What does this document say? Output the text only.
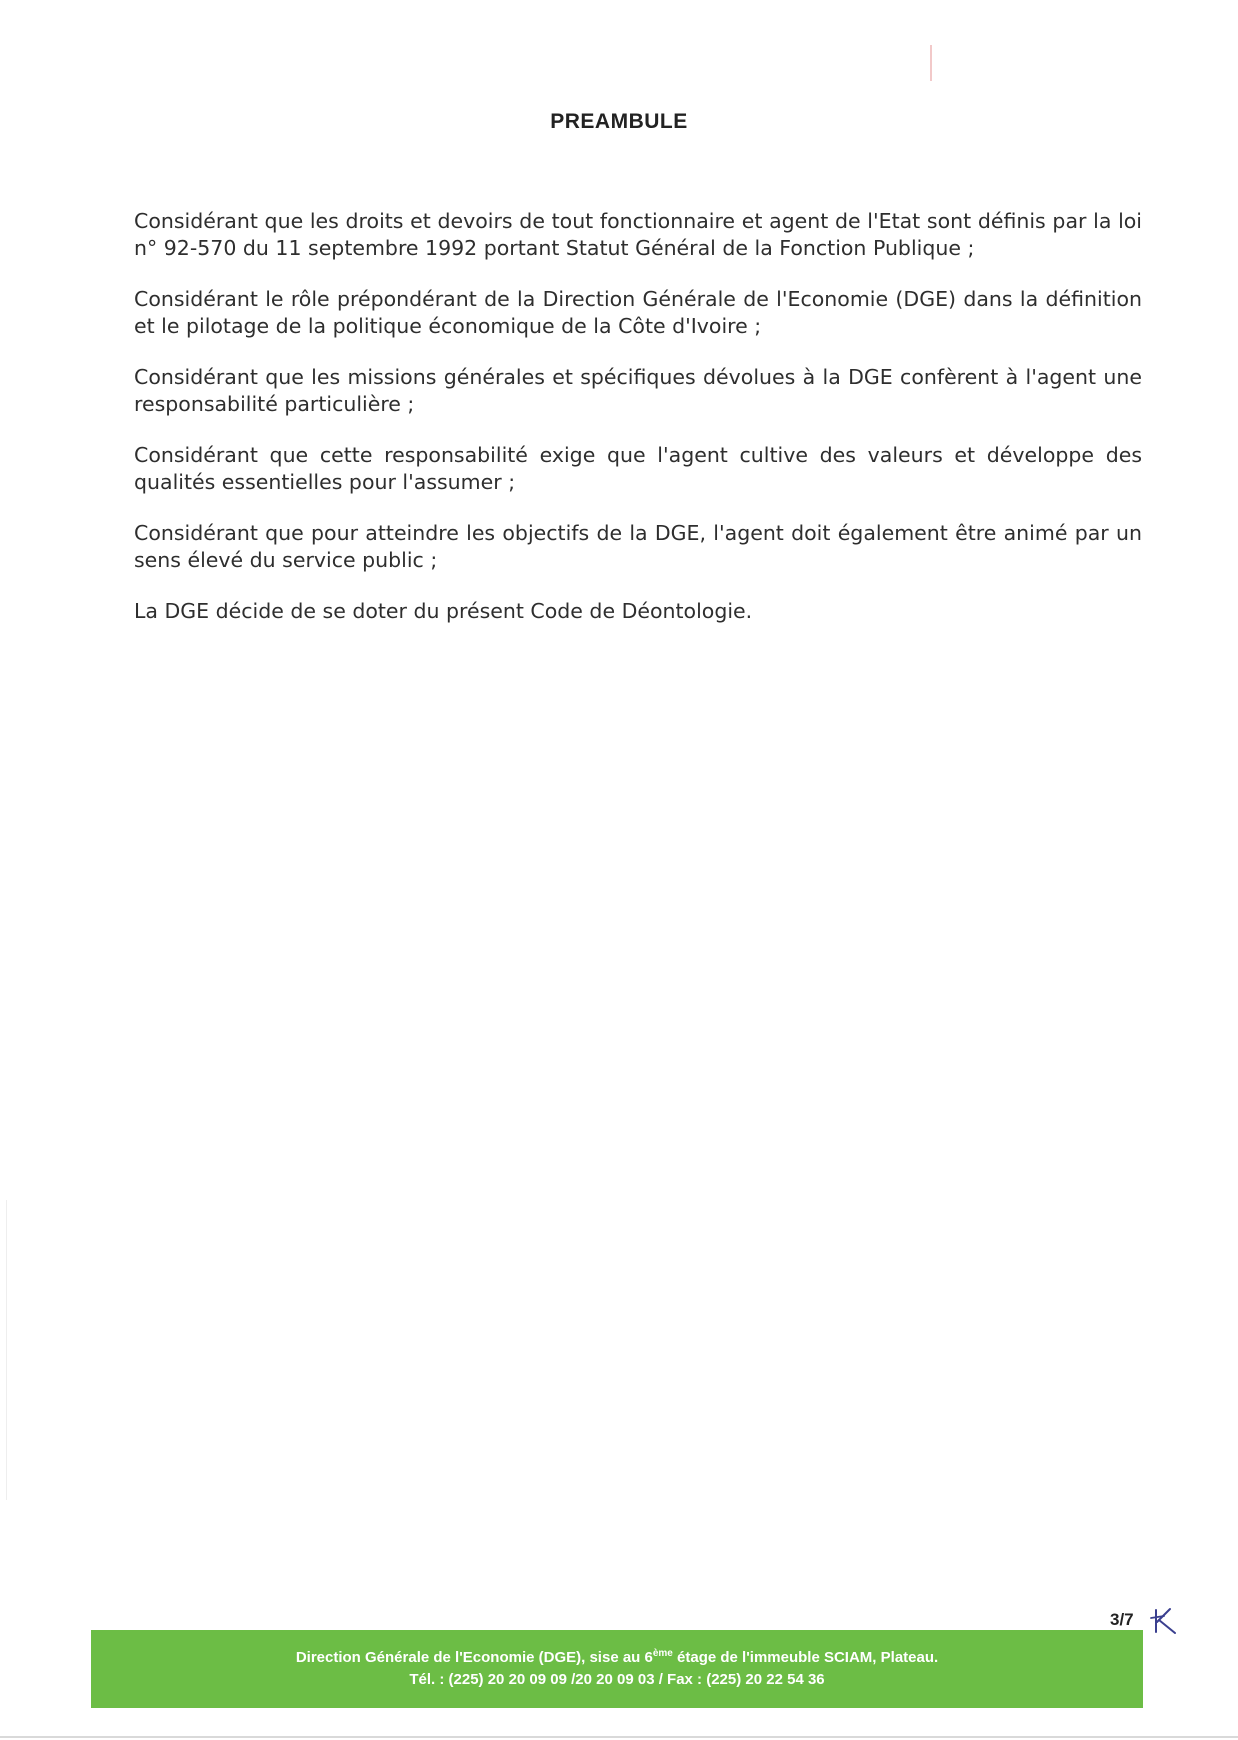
PREAMBULE

Considérant que les droits et devoirs de tout fonctionnaire et agent de l'Etat sont définis par la loi n° 92-570 du 11 septembre 1992 portant Statut Général de la Fonction Publique ;

Considérant le rôle prépondérant de la Direction Générale de l'Economie (DGE) dans la définition et le pilotage de la politique économique de la Côte d'Ivoire ;

Considérant que les missions générales et spécifiques dévolues à la DGE confèrent à l'agent une responsabilité particulière ;

Considérant que cette responsabilité exige que l'agent cultive des valeurs et développe des qualités essentielles pour l'assumer ;

Considérant que pour atteindre les objectifs de la DGE, l'agent doit également être animé par un sens élevé du service public ;

La DGE décide de se doter du présent Code de Déontologie.

3/7
Direction Générale de l'Economie (DGE), sise au 6ème étage de l'immeuble SCIAM, Plateau.
Tél. : (225) 20 20 09 09 /20 20 09 03 / Fax : (225) 20 22 54 36
